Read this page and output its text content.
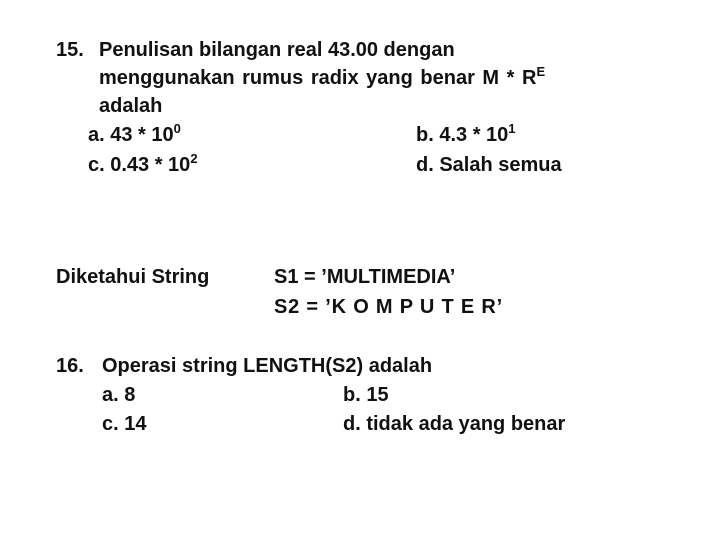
15. Penulisan bilangan real 43.00 dengan
menggunakan rumus radix yang benar M * $R^E$
adalah
a. $43 * 10^0$	b. $4.3 * 10^1$
c. $0.43 * 10^2$	d. Salah semua
Diketahui String	S1 = ’MULTIMEDIA’
S2 = ’K O M P U T E R’
16. Operasi string LENGTH(S2) adalah
a. 8	b. 15
c. 14	d. tidak ada yang benar
